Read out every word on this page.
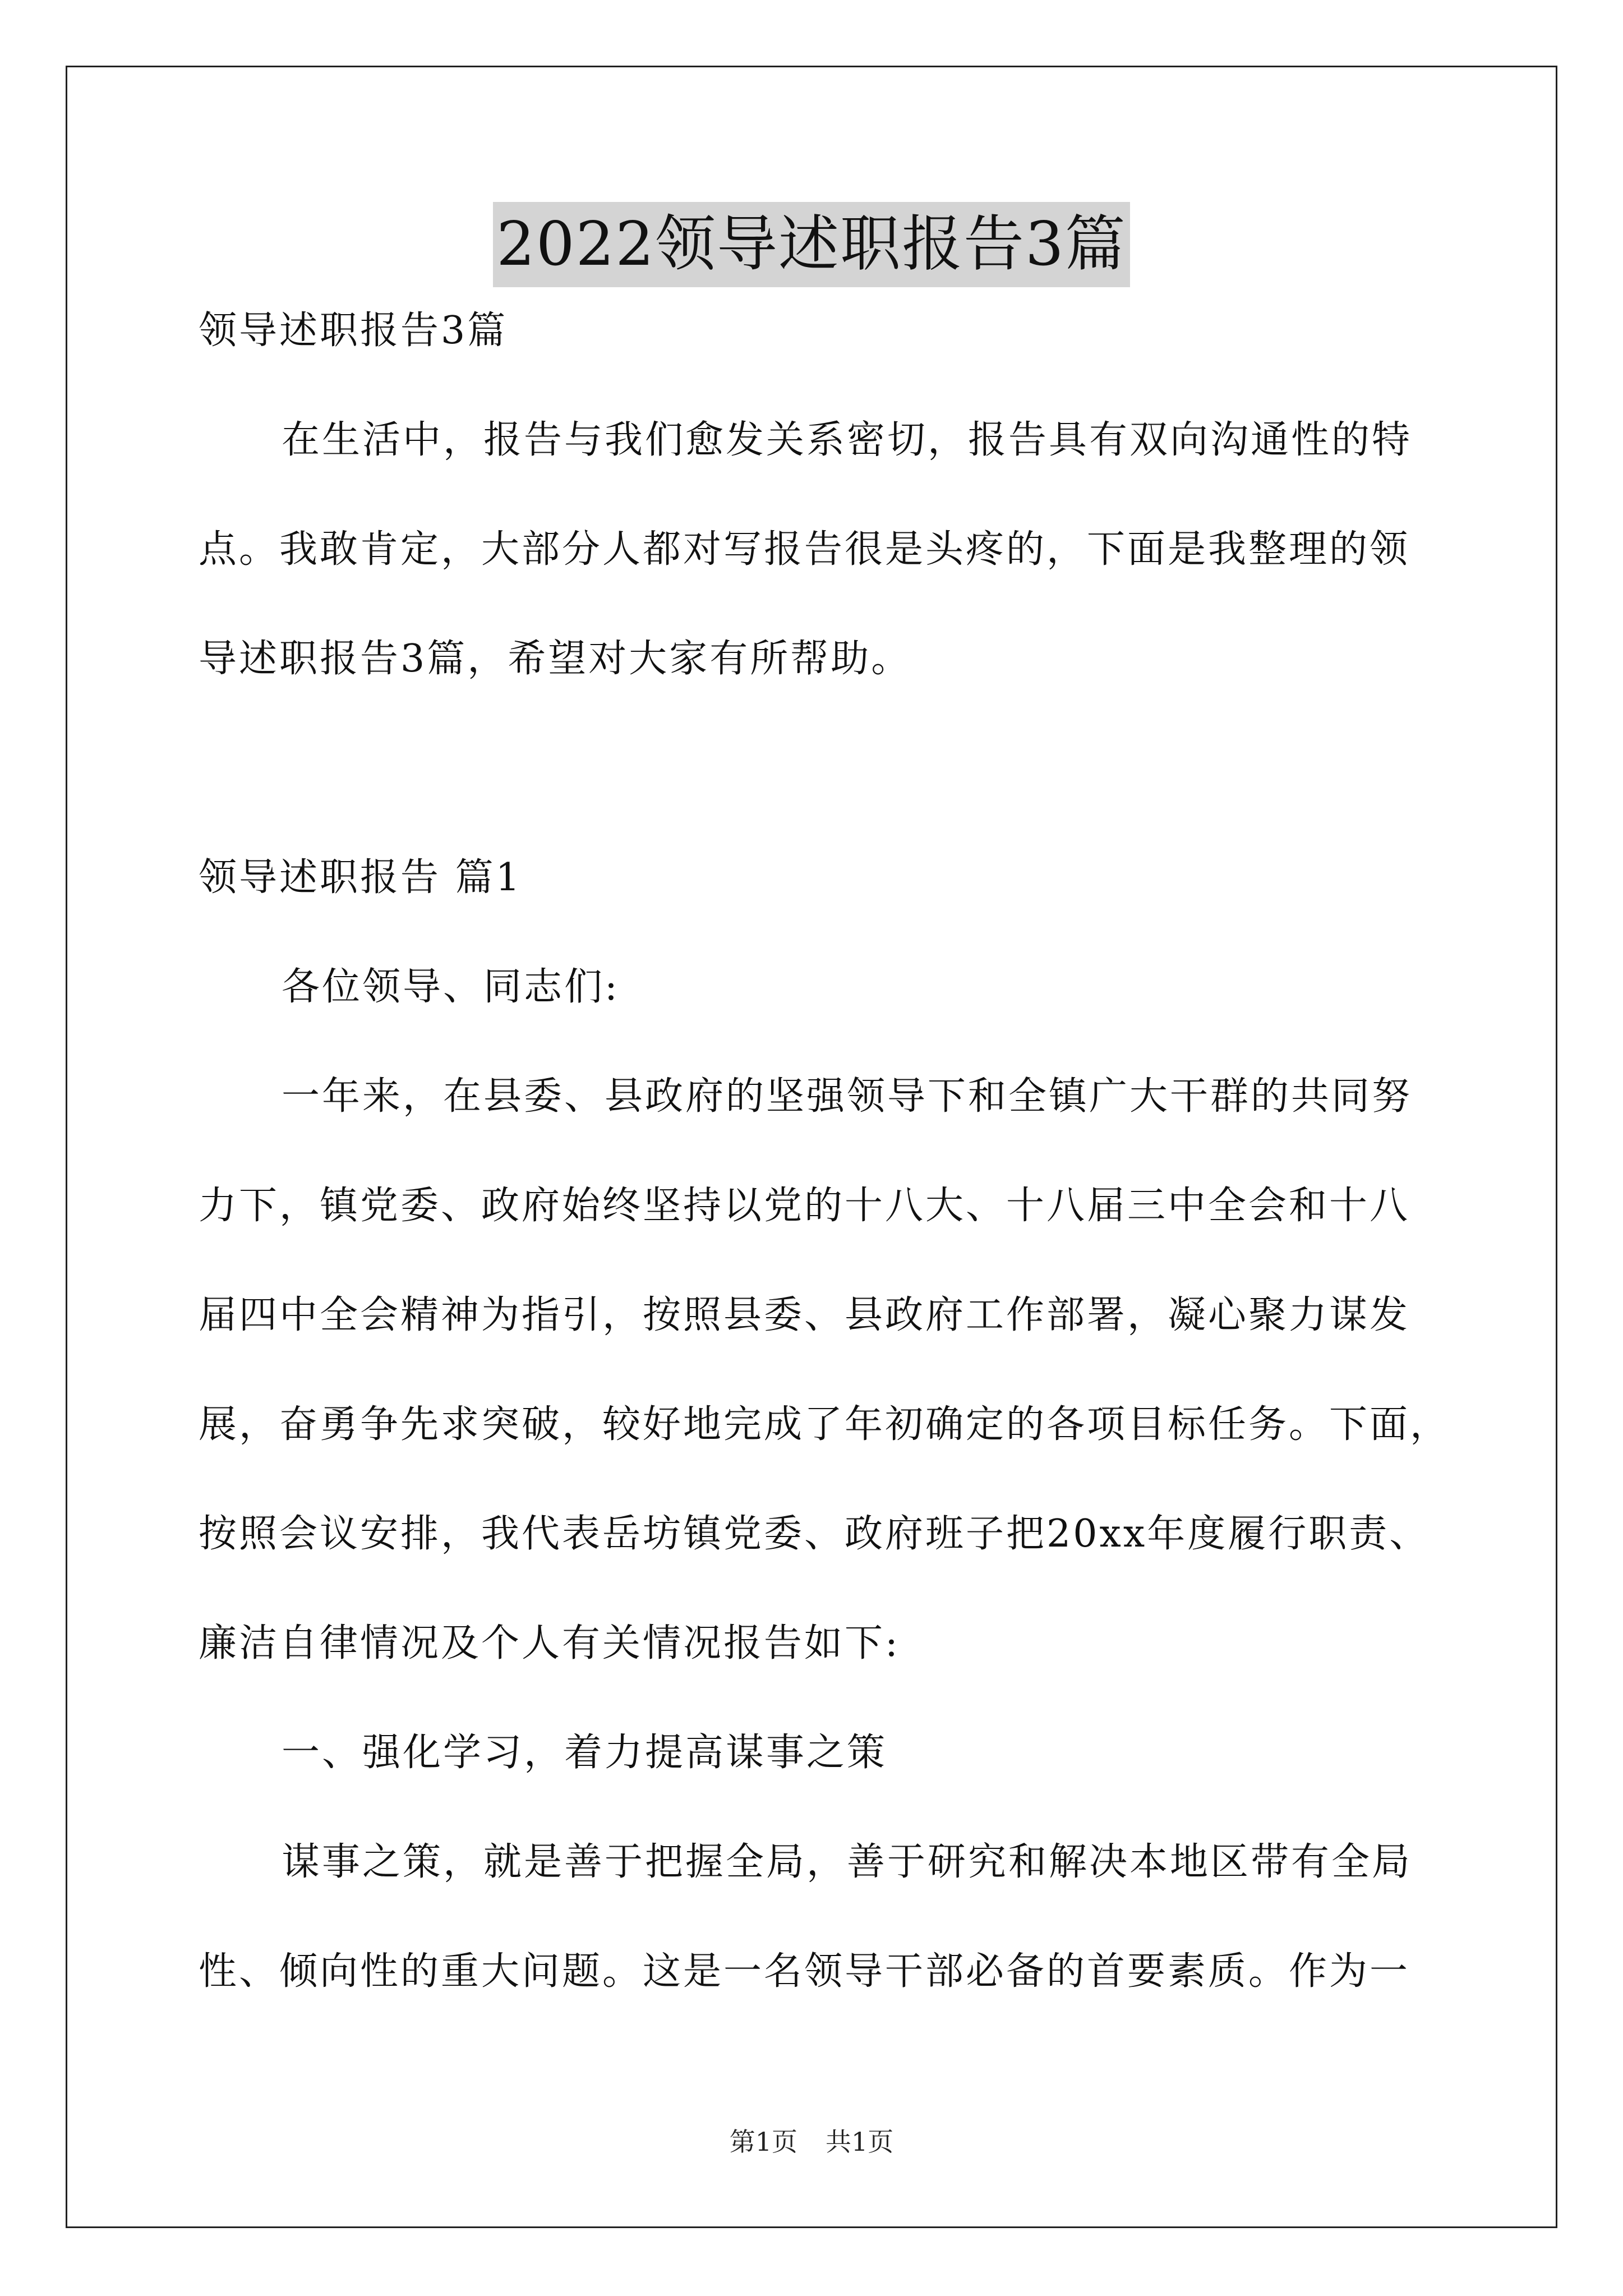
2022领导述职报告3篇
领导述职报告3篇
在生活中，报告与我们愈发关系密切，报告具有双向沟通性的特
点。我敢肯定，大部分人都对写报告很是头疼的，下面是我整理的领
导述职报告3篇，希望对大家有所帮助。
领导述职报告 篇1
各位领导、同志们:
一年来，在县委、县政府的坚强领导下和全镇广大干群的共同努
力下，镇党委、政府始终坚持以党的十八大、十八届三中全会和十八
届四中全会精神为指引，按照县委、县政府工作部署，凝心聚力谋发
展，奋勇争先求突破，较好地完成了年初确定的各项目标任务。下面，
按照会议安排，我代表岳坊镇党委、政府班子把20xx年度履行职责、
廉洁自律情况及个人有关情况报告如下:
一、强化学习，着力提高谋事之策
谋事之策，就是善于把握全局，善于研究和解决本地区带有全局
性、倾向性的重大问题。这是一名领导干部必备的首要素质。作为一
第1页 共1页
